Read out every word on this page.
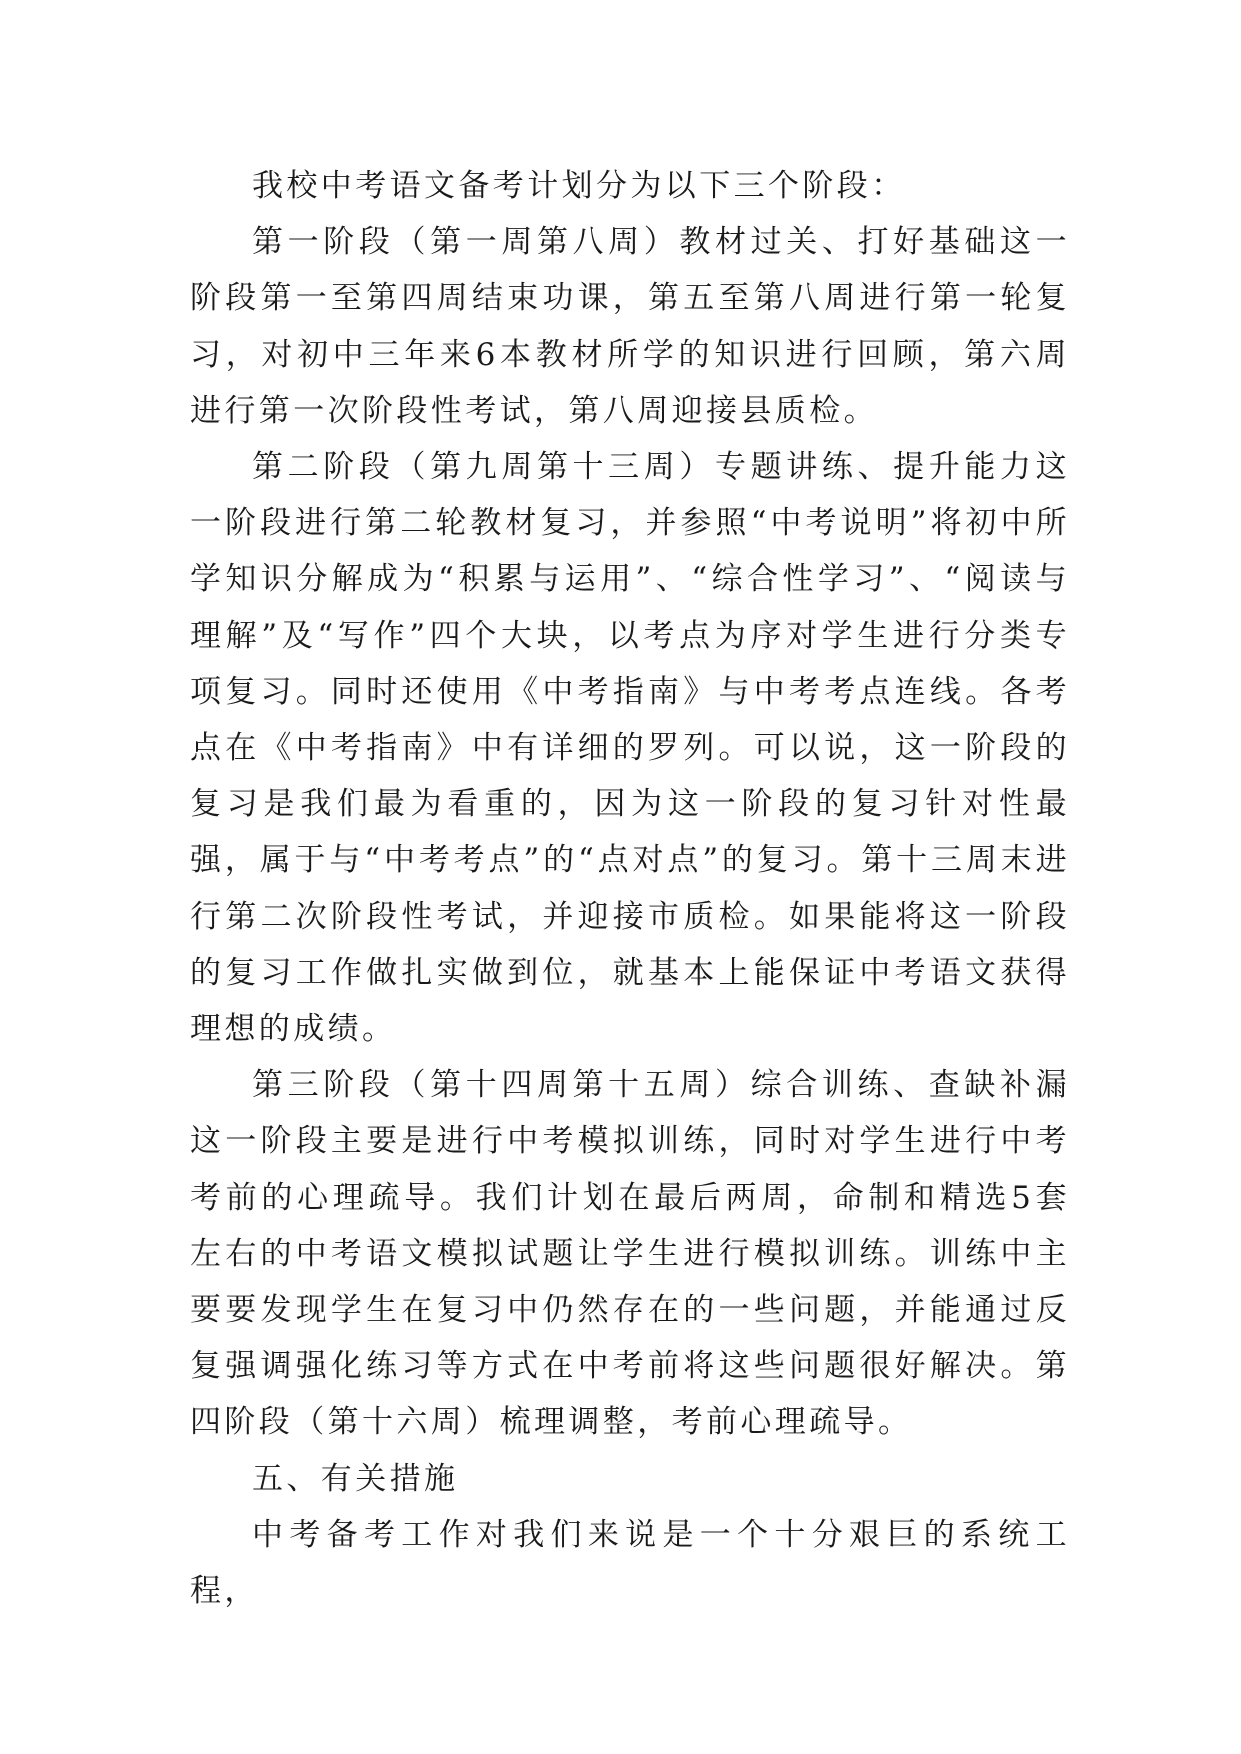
我校中考语文备考计划分为以下三个阶段：

第一阶段（第一周第八周）教材过关、打好基础这一阶段第一至第四周结束功课，第五至第八周进行第一轮复习，对初中三年来6本教材所学的知识进行回顾，第六周进行第一次阶段性考试，第八周迎接县质检。

第二阶段（第九周第十三周）专题讲练、提升能力这一阶段进行第二轮教材复习，并参照“中考说明”将初中所学知识分解成为“积累与运用”、“综合性学习”、“阅读与理解”及“写作”四个大块，以考点为序对学生进行分类专项复习。同时还使用《中考指南》与中考考点连线。各考点在《中考指南》中有详细的罗列。可以说，这一阶段的复习是我们最为看重的，因为这一阶段的复习针对性最强，属于与“中考考点”的“点对点”的复习。第十三周末进行第二次阶段性考试，并迎接市质检。如果能将这一阶段的复习工作做扎实做到位，就基本上能保证中考语文获得理想的成绩。

第三阶段（第十四周第十五周）综合训练、查缺补漏这一阶段主要是进行中考模拟训练，同时对学生进行中考考前的心理疏导。我们计划在最后两周，命制和精选5套左右的中考语文模拟试题让学生进行模拟训练。训练中主要要发现学生在复习中仍然存在的一些问题，并能通过反复强调强化练习等方式在中考前将这些问题很好解决。第四阶段（第十六周）梳理调整，考前心理疏导。

五、有关措施

中考备考工作对我们来说是一个十分艰巨的系统工程，
